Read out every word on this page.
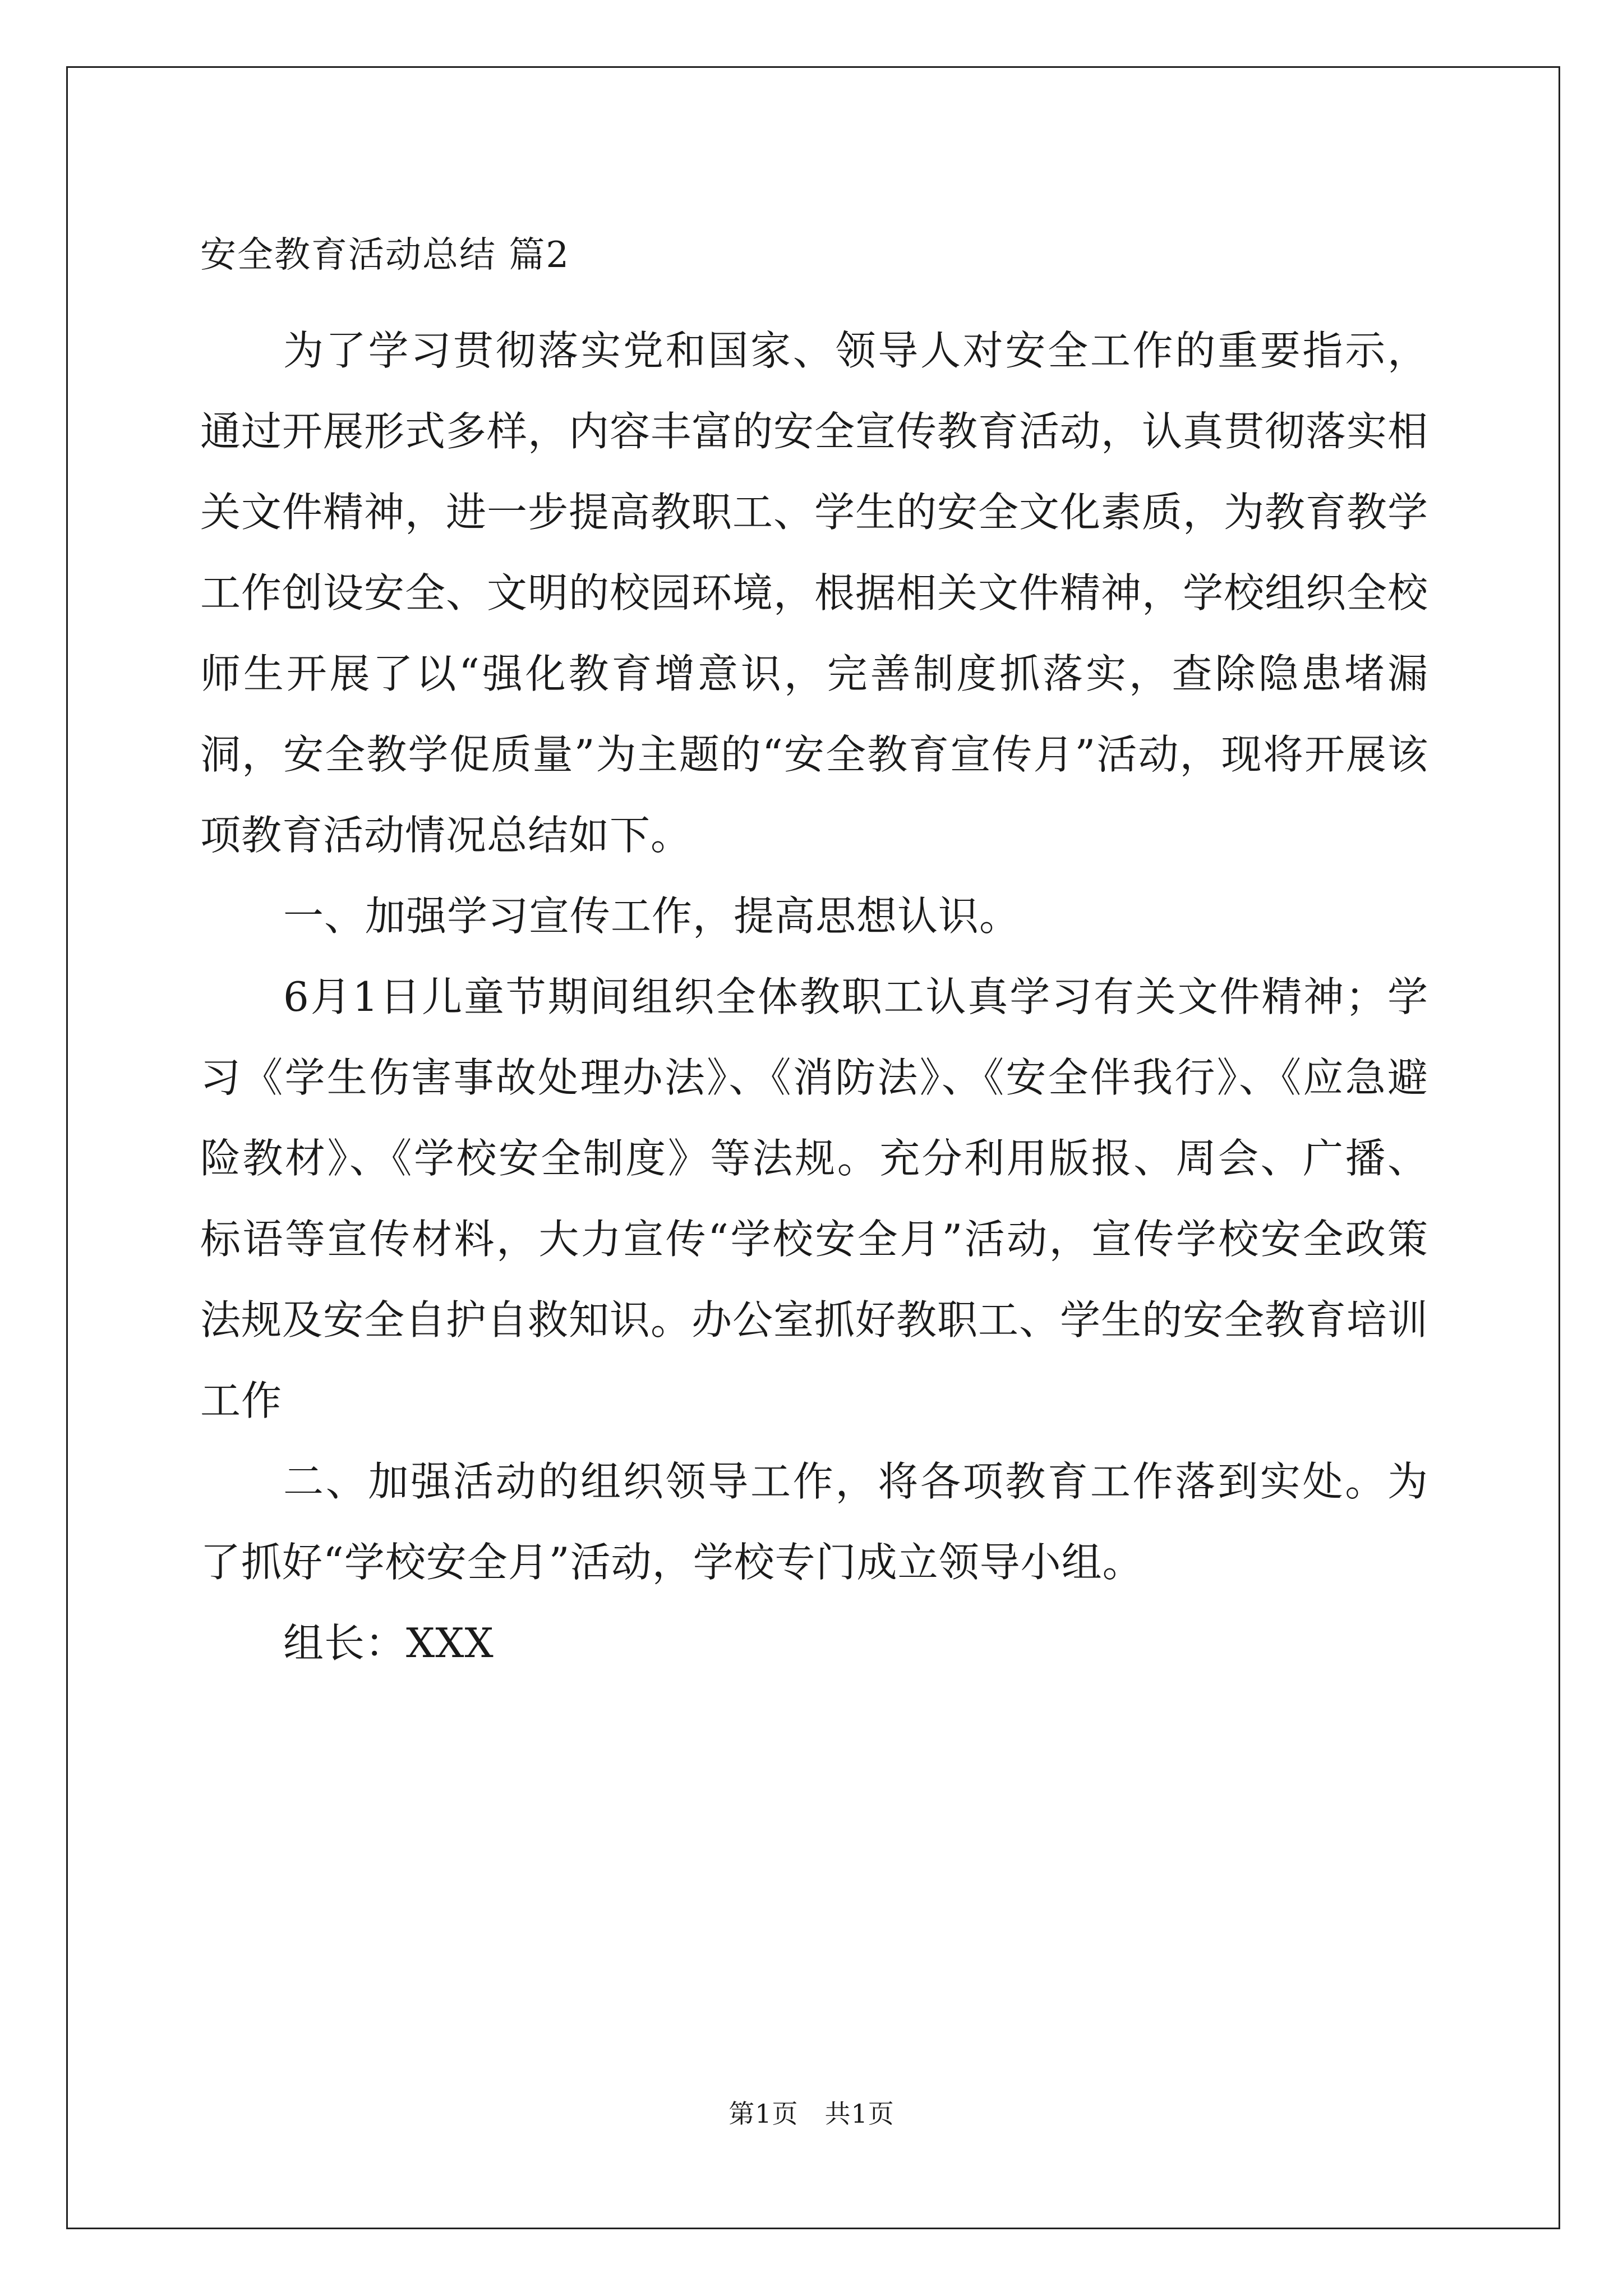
安全教育活动总结 篇2

为了学习贯彻落实党和国家、领导人对安全工作的重要指示，通过开展形式多样，内容丰富的安全宣传教育活动，认真贯彻落实相关文件精神，进一步提高教职工、学生的安全文化素质，为教育教学工作创设安全、文明的校园环境，根据相关文件精神，学校组织全校师生开展了以“强化教育增意识，完善制度抓落实，查除隐患堵漏洞，安全教学促质量”为主题的“安全教育宣传月”活动，现将开展该项教育活动情况总结如下。

一、加强学习宣传工作，提高思想认识。

6月1日儿童节期间组织全体教职工认真学习有关文件精神；学习《学生伤害事故处理办法》、《消防法》、《安全伴我行》、《应急避险教材》、《学校安全制度》等法规。充分利用版报、周会、广播、标语等宣传材料，大力宣传“学校安全月”活动，宣传学校安全政策法规及安全自护自救知识。办公室抓好教职工、学生的安全教育培训工作

二、加强活动的组织领导工作，将各项教育工作落到实处。为了抓好“学校安全月”活动，学校专门成立领导小组。

组长：XXX

第1页　共1页
